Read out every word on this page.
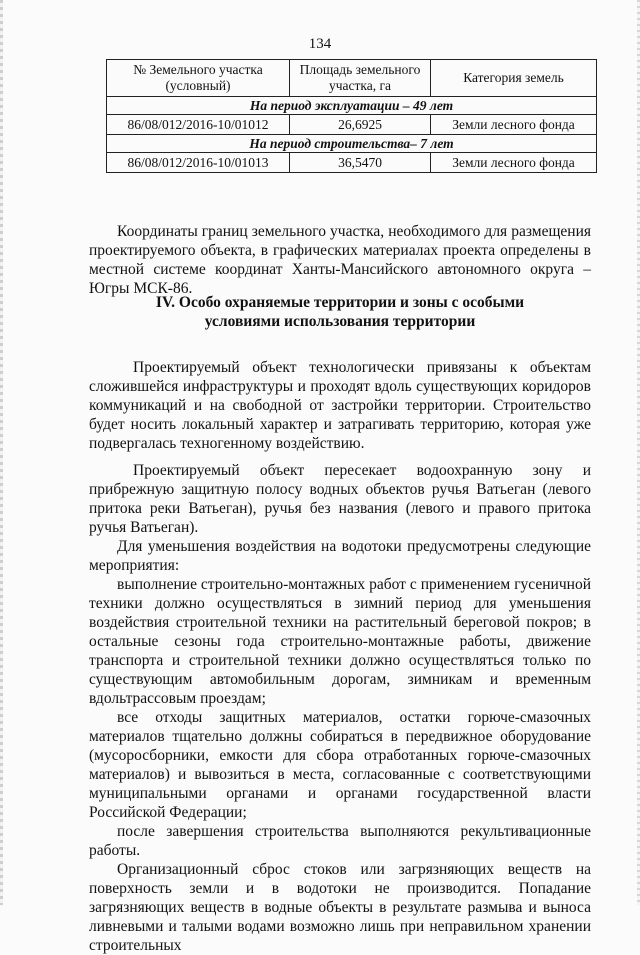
134
№ Земельного участка (условный)	Площадь земельного участка, га	Категория земель
На период эксплуатации – 49 лет		
86/08/012/2016-10/01012	26,6925	Земли лесного фонда
На период строительства– 7 лет		
86/08/012/2016-10/01013	36,5470	Земли лесного фонда

Координаты границ земельного участка, необходимого для размещения проектируемого объекта, в графических материалах проекта определены в местной системе координат Ханты-Мансийского автономного округа – Югры МСК-86.

IV. Особо охраняемые территории и зоны с особыми
условиями использования территории

Проектируемый объект технологически привязаны к объектам сложившейся инфраструктуры и проходят вдоль существующих коридоров коммуникаций и на свободной от застройки территории. Строительство будет носить локальный характер и затрагивать территорию, которая уже подвергалась техногенному воздействию.

Проектируемый объект пересекает водоохранную зону и прибрежную защитную полосу водных объектов ручья Ватьеган (левого притока реки Ватьеган), ручья без названия (левого и правого притока ручья Ватьеган).

Для уменьшения воздействия на водотоки предусмотрены следующие мероприятия:

выполнение строительно-монтажных работ с применением гусеничной техники должно осуществляться в зимний период для уменьшения воздействия строительной техники на растительный береговой покров; в остальные сезоны года строительно-монтажные работы, движение транспорта и строительной техники должно осуществляться только по существующим автомобильным дорогам, зимникам и временным вдольтрассовым проездам;

все отходы защитных материалов, остатки горюче-смазочных материалов тщательно должны собираться в передвижное оборудование (мусоросборники, емкости для сбора отработанных горюче-смазочных материалов) и вывозиться в места, согласованные с соответствующими муниципальными органами и органами государственной власти Российской Федерации;

после завершения строительства выполняются рекультивационные работы.

Организационный сброс стоков или загрязняющих веществ на поверхность земли и в водотоки не производится. Попадание загрязняющих веществ в водные объекты в результате размыва и выноса ливневыми и талыми водами возможно лишь при неправильном хранении строительных
